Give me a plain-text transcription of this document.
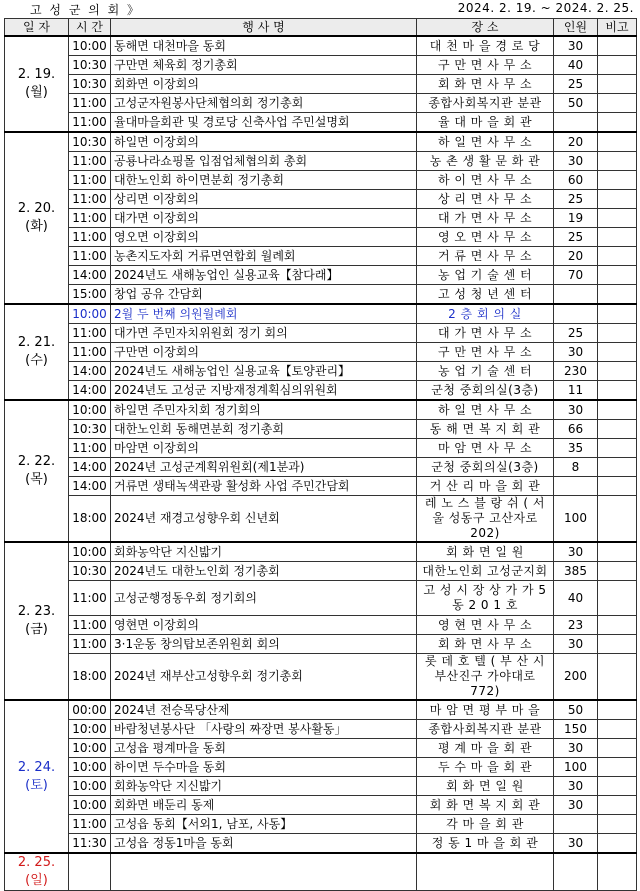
고 성 군 의 회 》	2024. 2. 19. ~ 2024. 2. 25.
일 자	시 간	행 사 명	장 소	인원	비고

2. 19.
(월)	10:00	동해면 대천마을 동회	대 천 마 을 경 로 당	30	
	10:30	구만면 체육회 정기총회	구 만 면 사 무 소	40	
	10:30	회화면 이장회의	회 화 면 사 무 소	25	
	11:00	고성군자원봉사단체협의회 정기총회	종합사회복지관 분관	50	
	11:00	율대마을회관 및 경로당 신축사업 주민설명회	율 대 마 을 회 관		

2. 20.
(화)	10:30	하일면 이장회의	하 일 면 사 무 소	20	
	11:00	공룡나라쇼핑몰 입점업체협의회 총회	농 촌 생 활 문 화 관	30	
	11:00	대한노인회 하이면분회 정기총회	하 이 면 사 무 소	60	
	11:00	상리면 이장회의	상 리 면 사 무 소	25	
	11:00	대가면 이장회의	대 가 면 사 무 소	19	
	11:00	영오면 이장회의	영 오 면 사 무 소	25	
	11:00	농촌지도자회 거류면연합회 월례회	거 류 면 사 무 소	20	
	14:00	2024년도 새해농업인 실용교육【참다래】	농 업 기 술 센 터	70	
	15:00	창업 공유 간담회	고 성 청 년 센 터		

2. 21.
(수)	10:00	2월 두 번째 의원월례회	2 층 회 의 실		
	11:00	대가면 주민자치위원회 정기 회의	대 가 면 사 무 소	25	
	11:00	구만면 이장회의	구 만 면 사 무 소	30	
	14:00	2024년도 새해농업인 실용교육【토양관리】	농 업 기 술 센 터	230	
	14:00	2024년도 고성군 지방재정계획심의위원회	군청 중회의실(3층)	11	

2. 22.
(목)	10:00	하일면 주민자치회 정기회의	하 일 면 사 무 소	30	
	10:30	대한노인회 동해면분회 정기총회	동 해 면 복 지 회 관	66	
	11:00	마암면 이장회의	마 암 면 사 무 소	35	
	14:00	2024년 고성군계획위원회(제1분과)	군청 중회의실(3층)	8	
	14:00	거류면 생태녹색관광 활성화 사업 주민간담회	거 산 리 마 을 회 관		
	18:00	2024년 재경고성향우회 신년회	레 노 스 블 랑 쉬 ( 서울 성동구 고산자로 202)	100	

2. 23.
(금)	10:00	회화농악단 지신밟기	회 화 면 일 원	30	
	10:30	2024년도 대한노인회 정기총회	대한노인회 고성군지회	385	
	11:00	고성군행정동우회 정기회의	고 성 시 장 상 가 가 5 동 2 0 1 호	40	
	11:00	영현면 이장회의	영 현 면 사 무 소	23	
	11:00	3·1운동 창의탑보존위원회 회의	회 화 면 사 무 소	30	
	18:00	2024년 재부산고성향우회 정기총회	롯 데 호 텔 ( 부 산 시 부산진구 가야대로 772)	200	

2. 24.
(토)	00:00	2024년 전승목당산제	마 암 면 평 부 마 을	50	
	10:00	바람청년봉사단 「사랑의 짜장면 봉사활동」	종합사회복지관 분관	150	
	10:00	고성읍 평계마을 동회	평 계 마 을 회 관	30	
	10:00	하이면 두수마을 동회	두 수 마 을 회 관	100	
	10:00	회화농악단 지신밟기	회 화 면 일 원	30	
	10:00	회화면 배둔리 동제	회 화 면 복 지 회 관	30	
	11:00	고성읍 동회【서외1, 남포, 사동】	각 마 을 회 관		
	11:30	고성읍 정동1마을 동회	정 동 1 마 을 회 관	30	

2. 25.
(일)					
